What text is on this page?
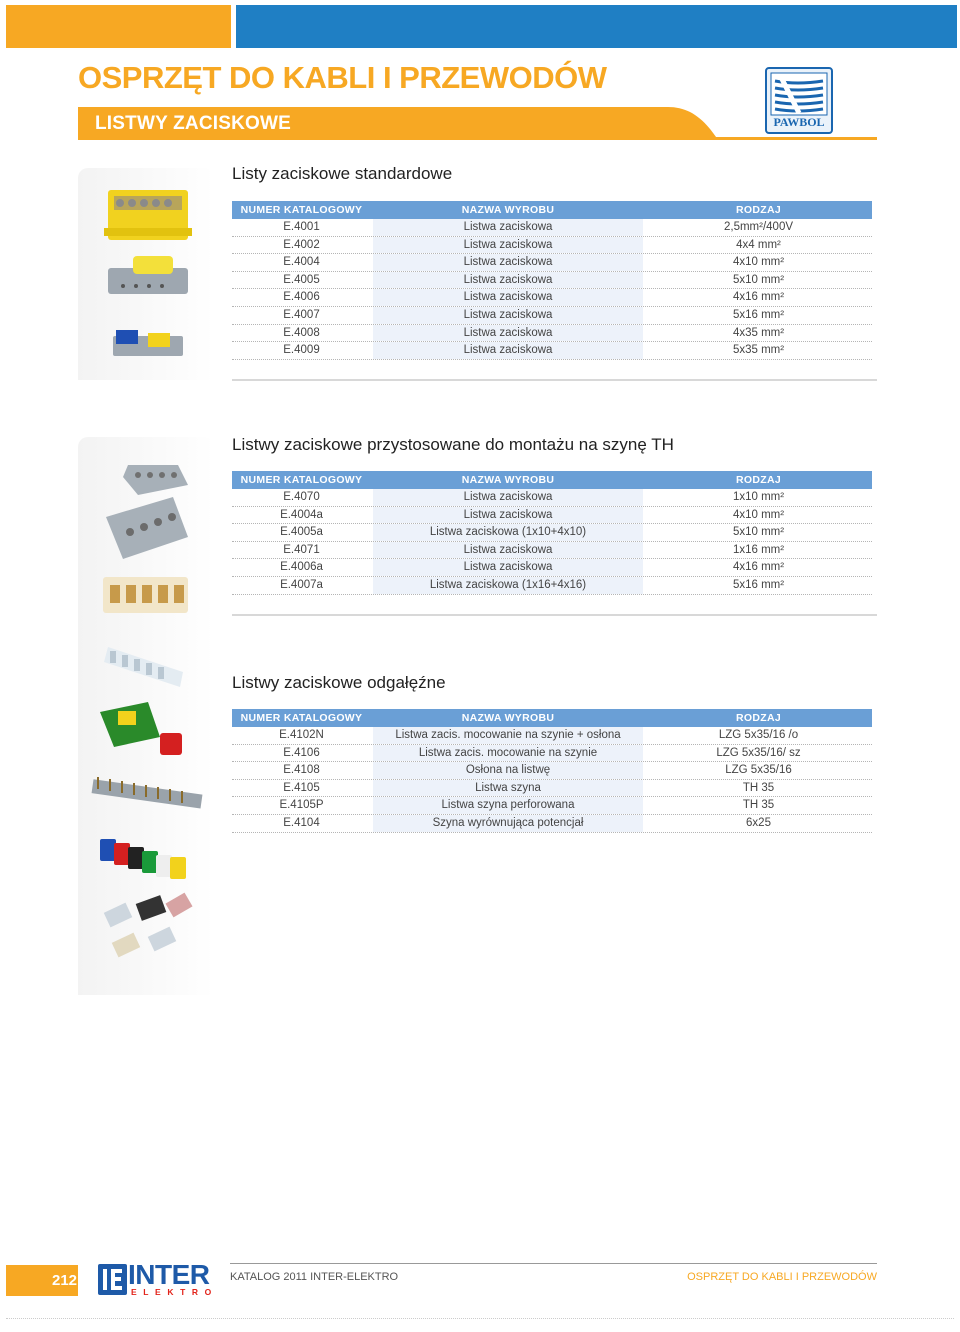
OSPRZĘT DO KABLI I PRZEWODÓW
LISTWY ZACISKOWE	PAWBOL
Listy zaciskowe standardowe
NUMER KATALOGOWY	NAZWA WYROBU	RODZAJ
E.4001	Listwa zaciskowa	2,5mm²/400V
E.4002	Listwa zaciskowa	4x4 mm²
E.4004	Listwa zaciskowa	4x10 mm²
E.4005	Listwa zaciskowa	5x10 mm²
E.4006	Listwa zaciskowa	4x16 mm²
E.4007	Listwa zaciskowa	5x16 mm²
E.4008	Listwa zaciskowa	4x35 mm²
E.4009	Listwa zaciskowa	5x35 mm²
Listwy zaciskowe przystosowane do montażu na szynę TH
NUMER KATALOGOWY	NAZWA WYROBU	RODZAJ
E.4070	Listwa zaciskowa	1x10 mm²
E.4004a	Listwa zaciskowa	4x10 mm²
E.4005a	Listwa zaciskowa (1x10+4x10)	5x10 mm²
E.4071	Listwa zaciskowa	1x16 mm²
E.4006a	Listwa zaciskowa	4x16 mm²
E.4007a	Listwa zaciskowa (1x16+4x16)	5x16 mm²
Listwy zaciskowe odgałęźne
NUMER KATALOGOWY	NAZWA WYROBU	RODZAJ
E.4102N	Listwa zacis. mocowanie na szynie + osłona	LZG 5x35/16 /o
E.4106	Listwa zacis. mocowanie na szynie	LZG 5x35/16/ sz
E.4108	Osłona na listwę	LZG 5x35/16
E.4105	Listwa szyna	TH 35
E.4105P	Listwa szyna perforowana	TH 35
E.4104	Szyna wyrównująca potencjał	6x25
212 INTER
ELEKTRO
KATALOG 2011 INTER-ELEKTRO	OSPRZĘT DO KABLI I PRZEWODÓW
